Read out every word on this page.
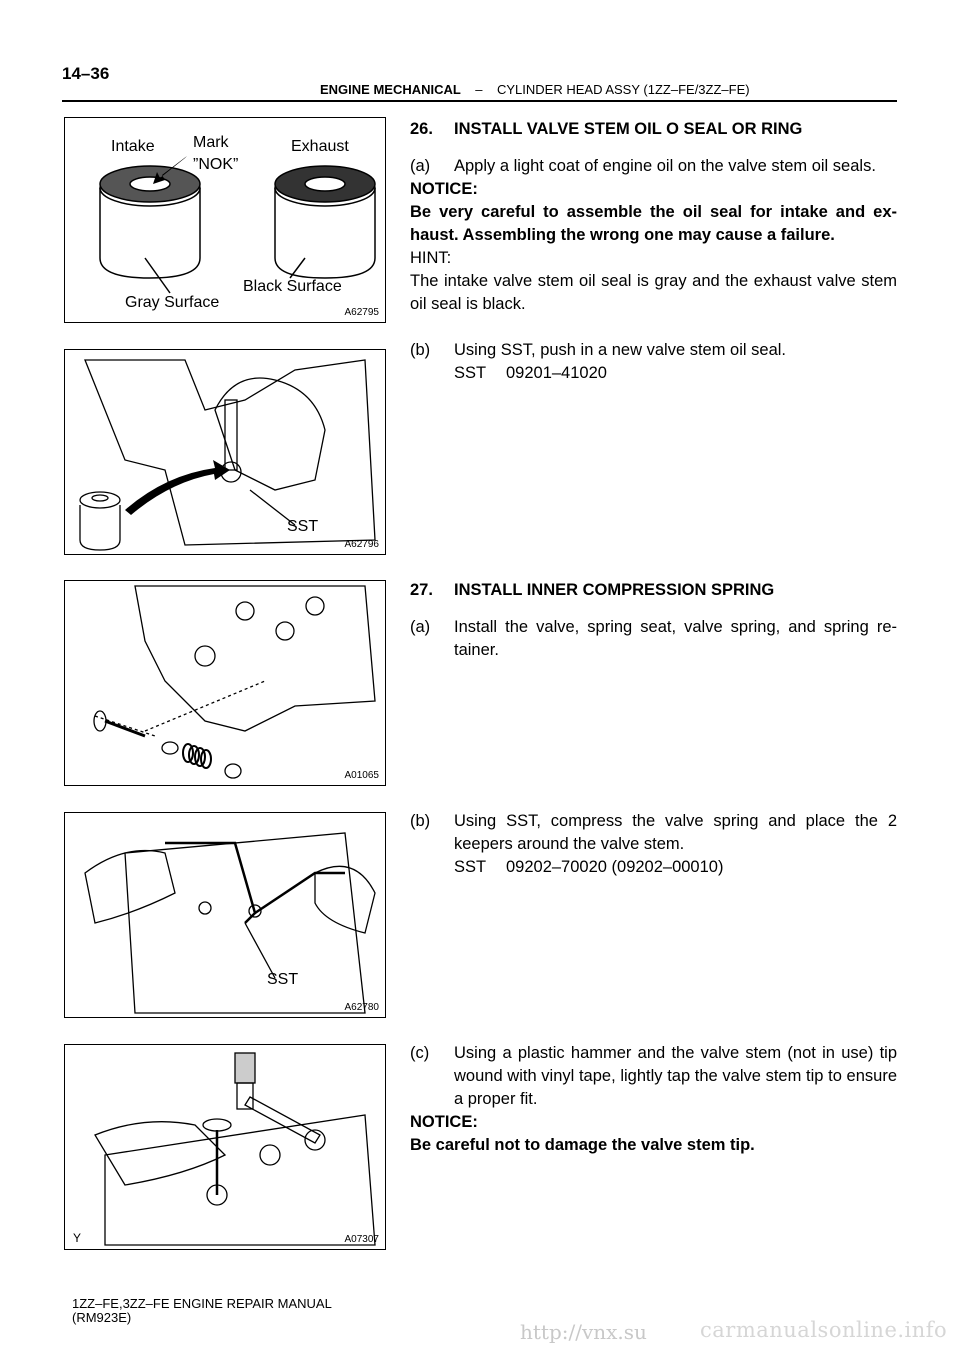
14–36
ENGINE MECHANICAL – CYLINDER HEAD ASSY (1ZZ–FE/3ZZ–FE)
Intake Mark
”NOK”
Exhaust
Gray Surface
Black Surface
A62795
SST
A62796
A01065
SST
A62780
Y	A07307
26.	INSTALL VALVE STEM OIL O SEAL OR RING
(a)	Apply a light coat of engine oil on the valve stem oil seals.
NOTICE:
Be very careful to assemble the oil seal for intake and ex-haust. Assembling the wrong one may cause a failure.
HINT:
The intake valve stem oil seal is gray and the exhaust valve stem oil seal is black.
(b)	Using SST, push in a new valve stem oil seal.
SST	09201–41020
27.	INSTALL INNER COMPRESSION SPRING
(a)	Install the valve, spring seat, valve spring, and spring re-tainer.
(b)	Using SST, compress the valve spring and place the 2 keepers around the valve stem.
SST	09202–70020 (09202–00010)
(c)	Using a plastic hammer and the valve stem (not in use) tip wound with vinyl tape, lightly tap the valve stem tip to ensure a proper fit.
NOTICE:
Be careful not to damage the valve stem tip.
1ZZ–FE,3ZZ–FE ENGINE REPAIR MANUAL
(RM923E)
http://vnx.su	carmanualsonline.info
